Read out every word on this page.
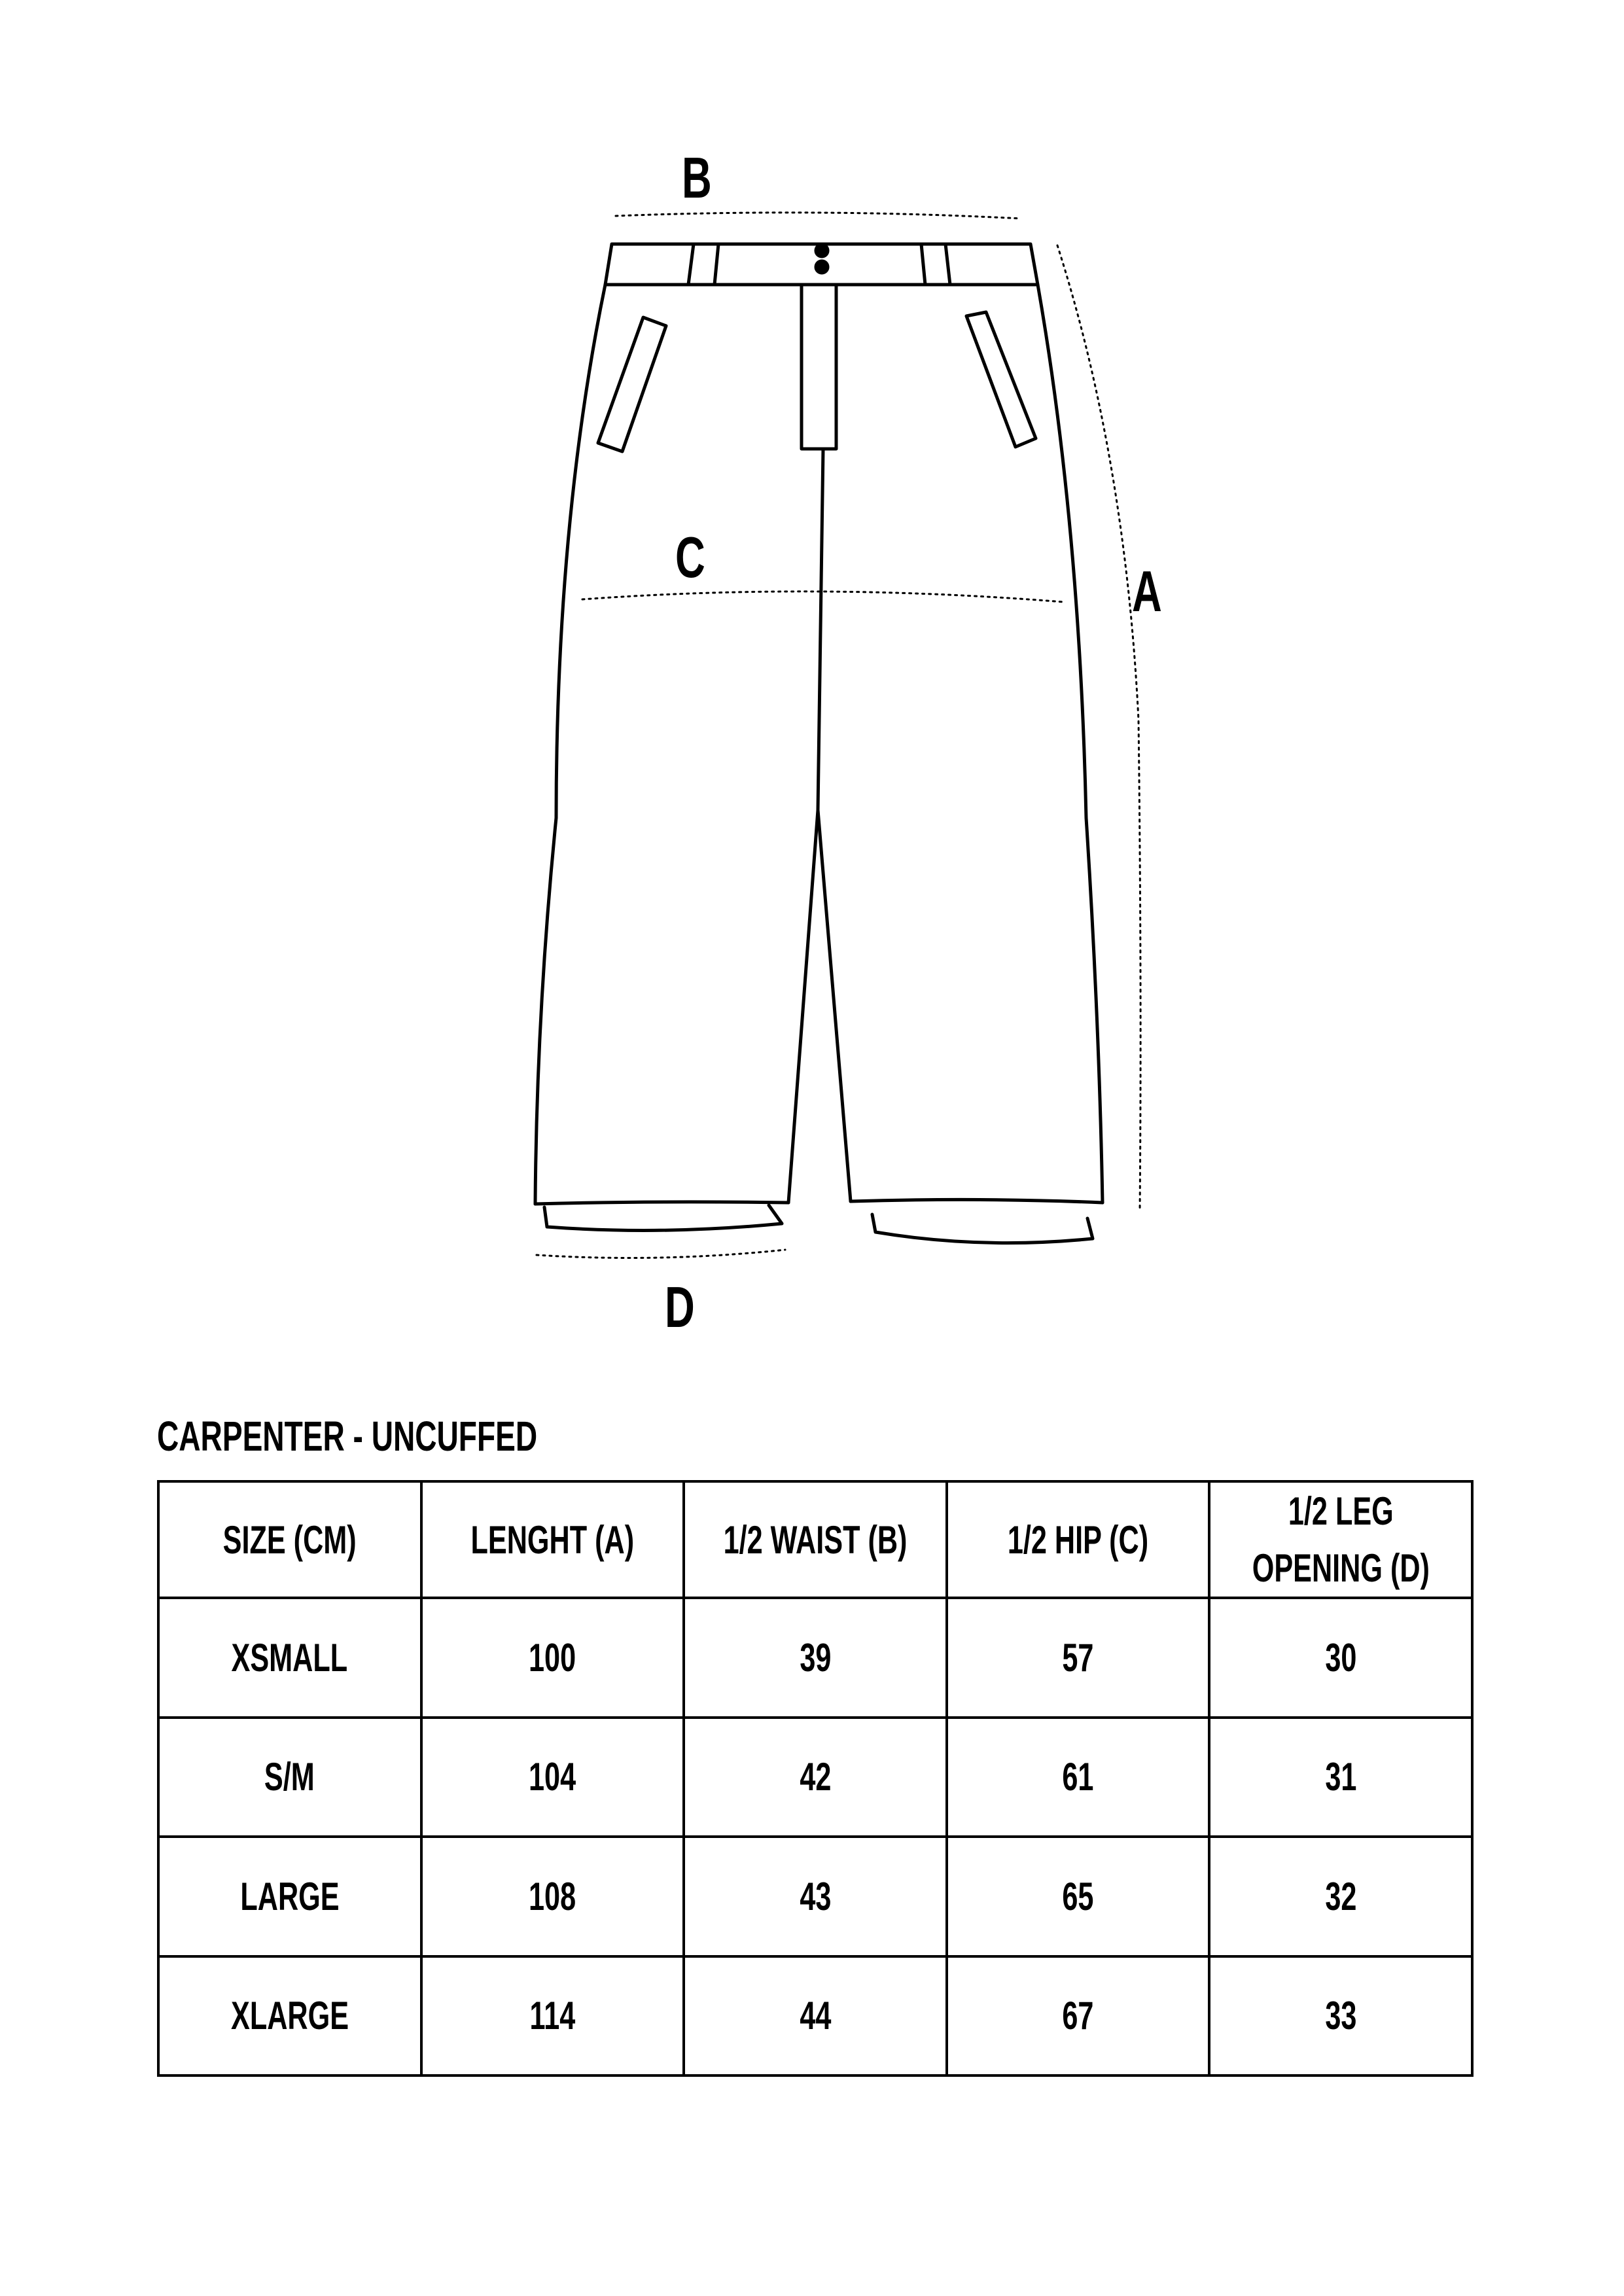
B
C
A
D
CARPENTER - UNCUFFED
SIZE (CM)	LENGHT (A)	1/2 WAIST (B)	1/2 HIP (C)	1/2 LEG
OPENING (D)
XSMALL	100	39	57	30
S/M	104	42	61	31
LARGE	108	43	65	32
XLARGE	114	44	67	33
